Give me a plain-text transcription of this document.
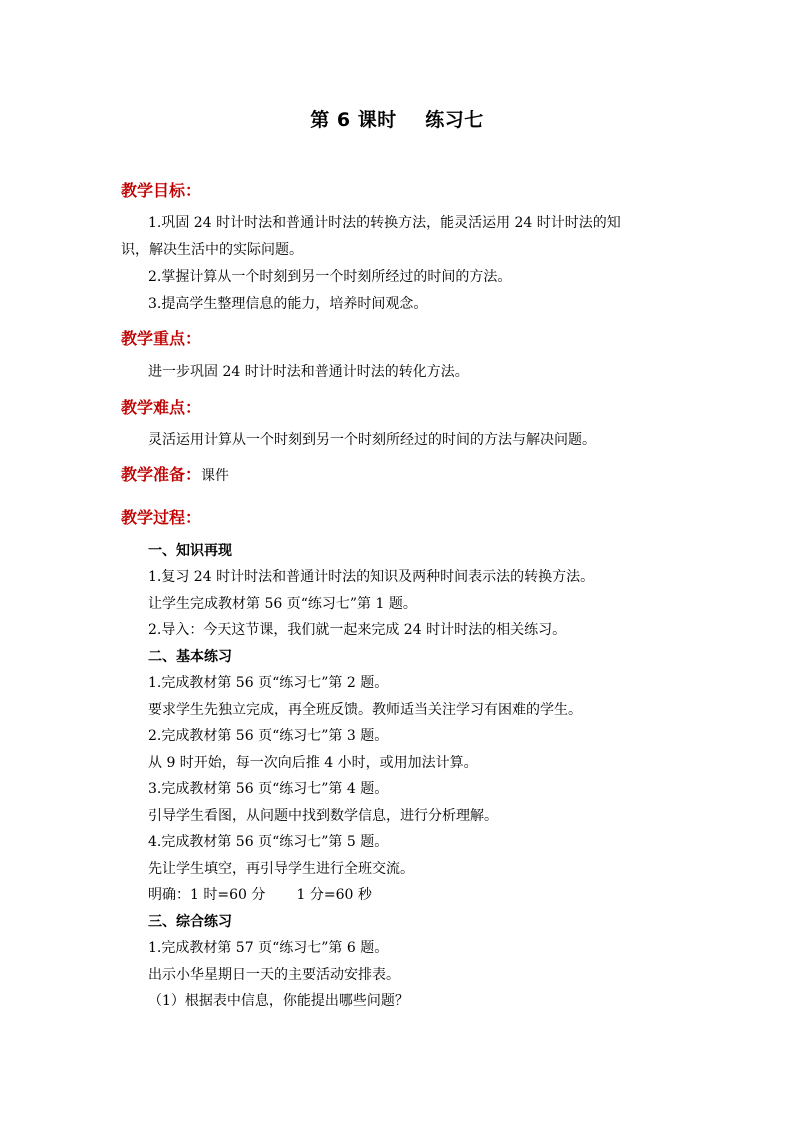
第 6 课时    练习七
教学目标：
1.巩固 24 时计时法和普通计时法的转换方法，能灵活运用 24 时计时法的知
识，解决生活中的实际问题。
2.掌握计算从一个时刻到另一个时刻所经过的时间的方法。
3.提高学生整理信息的能力，培养时间观念。
教学重点：
进一步巩固 24 时计时法和普通计时法的转化方法。
教学难点：
灵活运用计算从一个时刻到另一个时刻所经过的时间的方法与解决问题。
教学准备：课件
教学过程：
一、知识再现
1.复习 24 时计时法和普通计时法的知识及两种时间表示法的转换方法。
让学生完成教材第 56 页“练习七”第 1 题。
2.导入：今天这节课，我们就一起来完成 24 时计时法的相关练习。
二、基本练习
1.完成教材第 56 页“练习七”第 2 题。
要求学生先独立完成，再全班反馈。教师适当关注学习有困难的学生。
2.完成教材第 56 页“练习七”第 3 题。
从 9 时开始，每一次向后推 4 小时，或用加法计算。
3.完成教材第 56 页“练习七”第 4 题。
引导学生看图，从问题中找到数学信息，进行分析理解。
4.完成教材第 56 页“练习七”第 5 题。
先让学生填空，再引导学生进行全班交流。
明确：1 时=60 分       1 分=60 秒
三、综合练习
1.完成教材第 57 页“练习七”第 6 题。
出示小华星期日一天的主要活动安排表。
（1）根据表中信息，你能提出哪些问题？
